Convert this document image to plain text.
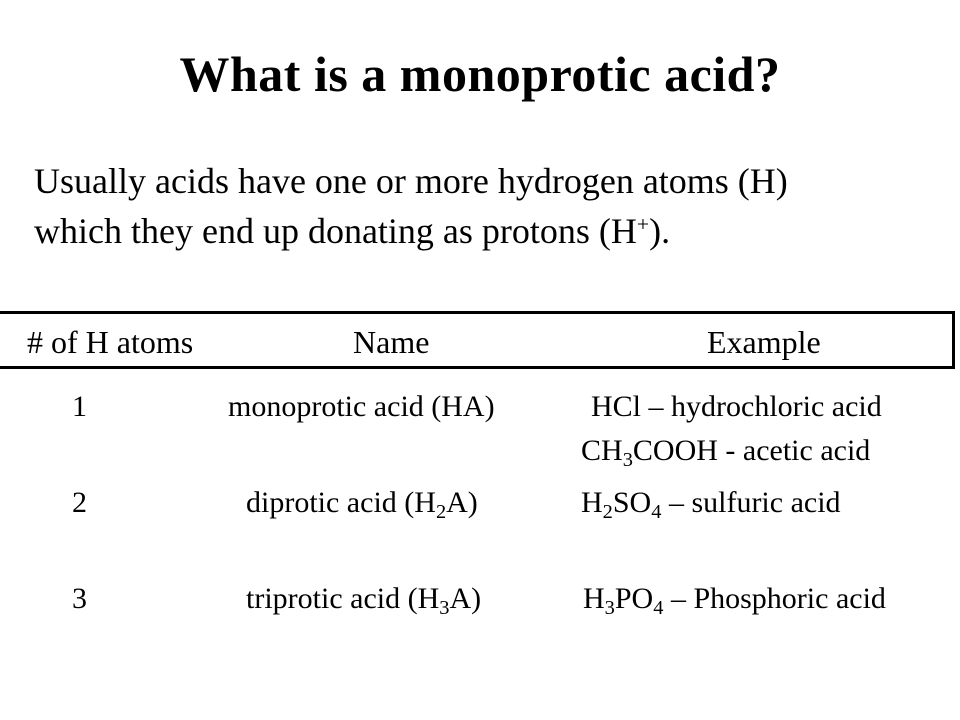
What is a monoprotic acid?
Usually acids have one or more hydrogen atoms (H)
which they end up donating as protons (H+).
# of H atoms	Name	Example
1	monoprotic acid (HA)	HCl – hydrochloric acid
$CH_3COOH$ - acetic acid
2	diprotic acid $(H_2A)$	$H_2SO_4$ – sulfuric acid
3	triprotic acid $(H_3A)$	$H_3PO_4$ – Phosphoric acid
